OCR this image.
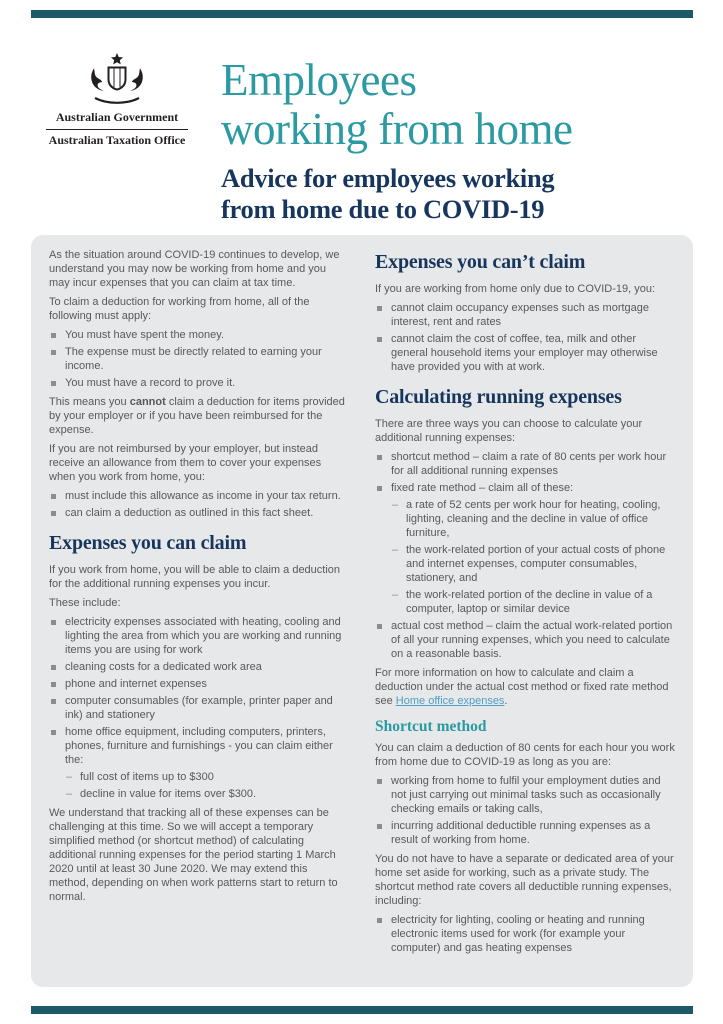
Australian Government
Australian Taxation Office
Employees
working from home
Advice for employees working
from home due to COVID-19

As the situation around COVID-19 continues to develop, we understand you may now be working from home and you may incur expenses that you can claim at tax time.

To claim a deduction for working from home, all of the following must apply:

You must have spent the money.
The expense must be directly related to earning your income.
You must have a record to prove it.

This means you cannot claim a deduction for items provided by your employer or if you have been reimbursed for the expense.

If you are not reimbursed by your employer, but instead receive an allowance from them to cover your expenses when you work from home, you:

must include this allowance as income in your tax return.
can claim a deduction as outlined in this fact sheet.
Expenses you can claim

If you work from home, you will be able to claim a deduction for the additional running expenses you incur.

These include:

electricity expenses associated with heating, cooling and lighting the area from which you are working and running items you are using for work
cleaning costs for a dedicated work area
phone and internet expenses
computer consumables (for example, printer paper and ink) and stationery
home office equipment, including computers, printers, phones, furniture and furnishings - you can claim either the:
– full cost of items up to $300
– decline in value for items over $300.

We understand that tracking all of these expenses can be challenging at this time. So we will accept a temporary simplified method (or shortcut method) of calculating additional running expenses for the period starting 1 March 2020 until at least 30 June 2020. We may extend this method, depending on when work patterns start to return to normal.

Expenses you can’t claim

If you are working from home only due to COVID-19, you:

cannot claim occupancy expenses such as mortgage interest, rent and rates
cannot claim the cost of coffee, tea, milk and other general household items your employer may otherwise have provided you with at work.
Calculating running expenses

There are three ways you can choose to calculate your additional running expenses:

shortcut method – claim a rate of 80 cents per work hour for all additional running expenses
fixed rate method – claim all of these:
– a rate of 52 cents per work hour for heating, cooling, lighting, cleaning and the decline in value of office furniture,
– the work-related portion of your actual costs of phone and internet expenses, computer consumables, stationery, and
– the work-related portion of the decline in value of a computer, laptop or similar device
actual cost method – claim the actual work-related portion of all your running expenses, which you need to calculate on a reasonable basis.

For more information on how to calculate and claim a deduction under the actual cost method or fixed rate method see Home office expenses.

Shortcut method

You can claim a deduction of 80 cents for each hour you work from home due to COVID-19 as long as you are:

working from home to fulfil your employment duties and not just carrying out minimal tasks such as occasionally checking emails or taking calls,
incurring additional deductible running expenses as a result of working from home.

You do not have to have a separate or dedicated area of your home set aside for working, such as a private study. The shortcut method rate covers all deductible running expenses, including:

electricity for lighting, cooling or heating and running electronic items used for work (for example your computer) and gas heating expenses
